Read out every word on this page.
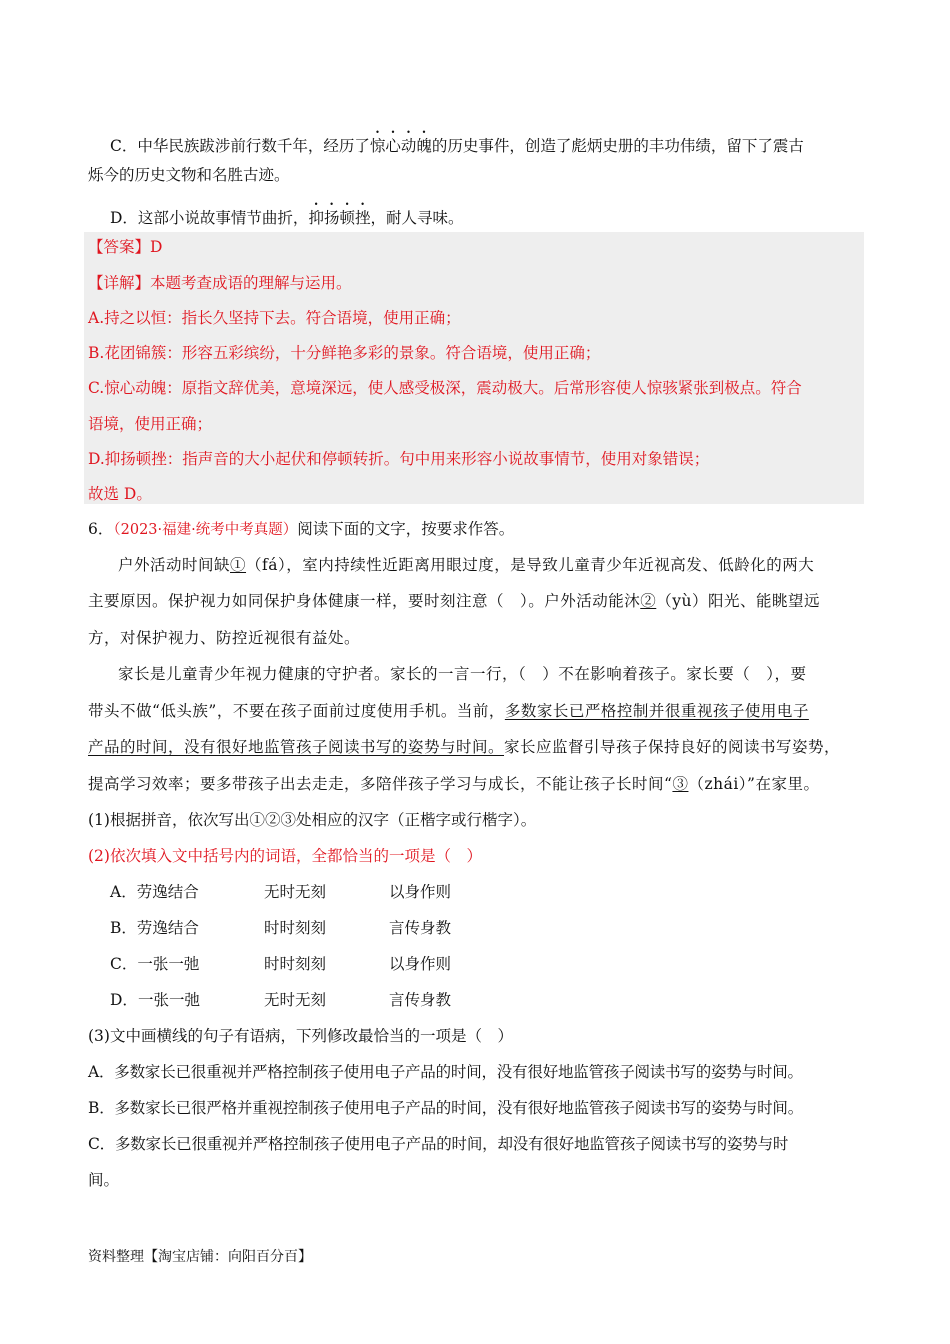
C．中华民族跋涉前行数千年，经历了惊心动魄的历史事件，创造了彪炳史册的丰功伟绩，留下了震古
烁今的历史文物和名胜古迹。
D．这部小说故事情节曲折，抑扬顿挫，耐人寻味。
【答案】D
【详解】本题考查成语的理解与运用。
A.持之以恒：指长久坚持下去。符合语境，使用正确；
B.花团锦簇：形容五彩缤纷，十分鲜艳多彩的景象。符合语境，使用正确；
C.惊心动魄：原指文辞优美，意境深远，使人感受极深，震动极大。后常形容使人惊骇紧张到极点。符合
语境，使用正确；
D.抑扬顿挫：指声音的大小起伏和停顿转折。句中用来形容小说故事情节，使用对象错误；
故选 D。
6．（2023·福建·统考中考真题）阅读下面的文字，按要求作答。
户外活动时间缺①（fá），室内持续性近距离用眼过度，是导致儿童青少年近视高发、低龄化的两大
主要原因。保护视力如同保护身体健康一样，要时刻注意（　）。户外活动能沐②（yù）阳光、能眺望远
方，对保护视力、防控近视很有益处。
家长是儿童青少年视力健康的守护者。家长的一言一行，（　）不在影响着孩子。家长要（　），要
带头不做“低头族”，不要在孩子面前过度使用手机。当前，多数家长已严格控制并很重视孩子使用电子
产品的时间，没有很好地监管孩子阅读书写的姿势与时间。家长应监督引导孩子保持良好的阅读书写姿势，
提高学习效率；要多带孩子出去走走，多陪伴孩子学习与成长，不能让孩子长时间“③（zhái）”在家里。
(1)根据拼音，依次写出①②③处相应的汉字（正楷字或行楷字）。
(2)依次填入文中括号内的词语，全都恰当的一项是（　）
A．劳逸结合	无时无刻	以身作则
B．劳逸结合	时时刻刻	言传身教
C．一张一弛	时时刻刻	以身作则
D．一张一弛	无时无刻	言传身教
(3)文中画横线的句子有语病，下列修改最恰当的一项是（　）
A．多数家长已很重视并严格控制孩子使用电子产品的时间，没有很好地监管孩子阅读书写的姿势与时间。
B．多数家长已很严格并重视控制孩子使用电子产品的时间，没有很好地监管孩子阅读书写的姿势与时间。
C．多数家长已很重视并严格控制孩子使用电子产品的时间，却没有很好地监管孩子阅读书写的姿势与时
间。
资料整理【淘宝店铺：向阳百分百】
